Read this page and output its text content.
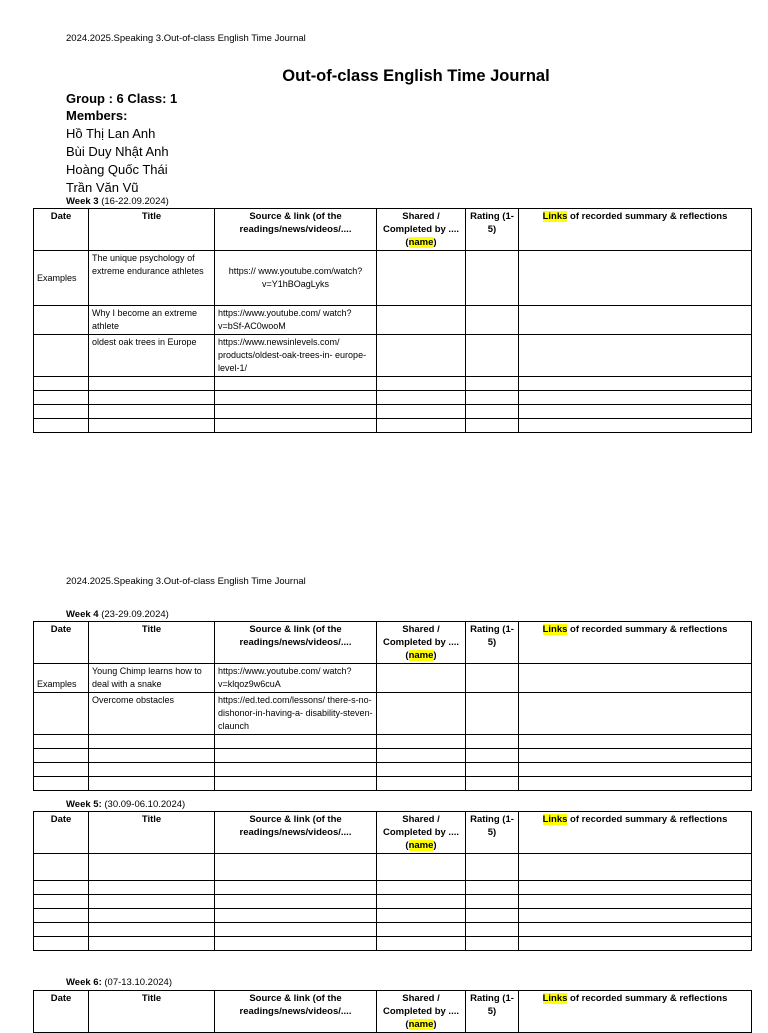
2024.2025.Speaking 3.Out-of-class English Time Journal
Out-of-class English Time Journal
Group : 6 Class: 1
Members:
Hồ Thị Lan Anh
Bùi Duy Nhật Anh
Hoàng Quốc Thái
Trần Văn Vũ
Week 3 (16-22.09.2024)
Date	Title	Source & link (of the readings/news/videos/....	Shared / Completed by .... (name)	Rating (1-5)	Links of recorded summary & reflections
Examples	The unique psychology of extreme endurance athletes	https:// www.youtube.com/watch? v=Y1hBOagLyks			
	Why I become an extreme athlete	https://www.youtube.com/ watch?v=bSf-AC0wooM			
	oldest oak trees in Europe	https://www.newsinlevels.com/ products/oldest-oak-trees-in- europe-level-1/			

2024.2025.Speaking 3.Out-of-class English Time Journal
Week 4 (23-29.09.2024)
Date	Title	Source & link (of the readings/news/videos/....	Shared / Completed by .... (name)	Rating (1-5)	Links of recorded summary & reflections
Examples	Young Chimp learns how to deal with a snake	https://www.youtube.com/ watch?v=klqoz9w6cuA			
	Overcome obstacles	https://ed.ted.com/lessons/ there-s-no-dishonor-in-having-a- disability-steven-claunch			

Week 5: (30.09-06.10.2024)
Date	Title	Source & link (of the readings/news/videos/....	Shared / Completed by .... (name)	Rating (1-5)	Links of recorded summary & reflections

Week 6: (07-13.10.2024)
Date	Title	Source & link (of the readings/news/videos/....	Shared / Completed by .... (name)	Rating (1-5)	Links of recorded summary & reflections
